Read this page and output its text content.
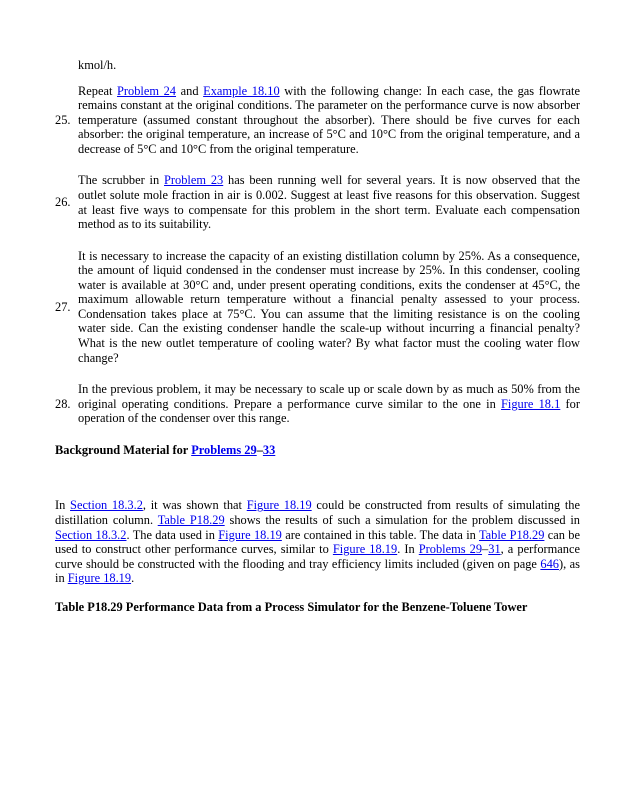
kmol/h.
25.
Repeat Problem 24 and Example 18.10 with the following change: In each case, the gas flowrate remains constant at the original conditions. The parameter on the performance curve is now absorber temperature (assumed constant throughout the absorber). There should be five curves for each absorber: the original temperature, an increase of 5°C and 10°C from the original temperature, and a decrease of 5°C and 10°C from the original temperature.
26.
The scrubber in Problem 23 has been running well for several years. It is now observed that the outlet solute mole fraction in air is 0.002. Suggest at least five reasons for this observation. Suggest at least five ways to compensate for this problem in the short term. Evaluate each compensation method as to its suitability.
27.
It is necessary to increase the capacity of an existing distillation column by 25%. As a consequence, the amount of liquid condensed in the condenser must increase by 25%. In this condenser, cooling water is available at 30°C and, under present operating conditions, exits the condenser at 45°C, the maximum allowable return temperature without a financial penalty assessed to your process. Condensation takes place at 75°C. You can assume that the limiting resistance is on the cooling water side. Can the existing condenser handle the scale-up without incurring a financial penalty? What is the new outlet temperature of cooling water? By what factor must the cooling water flow change?
28.
In the previous problem, it may be necessary to scale up or scale down by as much as 50% from the original operating conditions. Prepare a performance curve similar to the one in Figure 18.1 for operation of the condenser over this range.
Background Material for Problems 29–33

In Section 18.3.2, it was shown that Figure 18.19 could be constructed from results of simulating the distillation column. Table P18.29 shows the results of such a simulation for the problem discussed in Section 18.3.2. The data used in Figure 18.19 are contained in this table. The data in Table P18.29 can be used to construct other performance curves, similar to Figure 18.19. In Problems 29–31, a performance curve should be constructed with the flooding and tray efficiency limits included (given on page 646), as in Figure 18.19.

Table P18.29 Performance Data from a Process Simulator for the Benzene-Toluene Tower
